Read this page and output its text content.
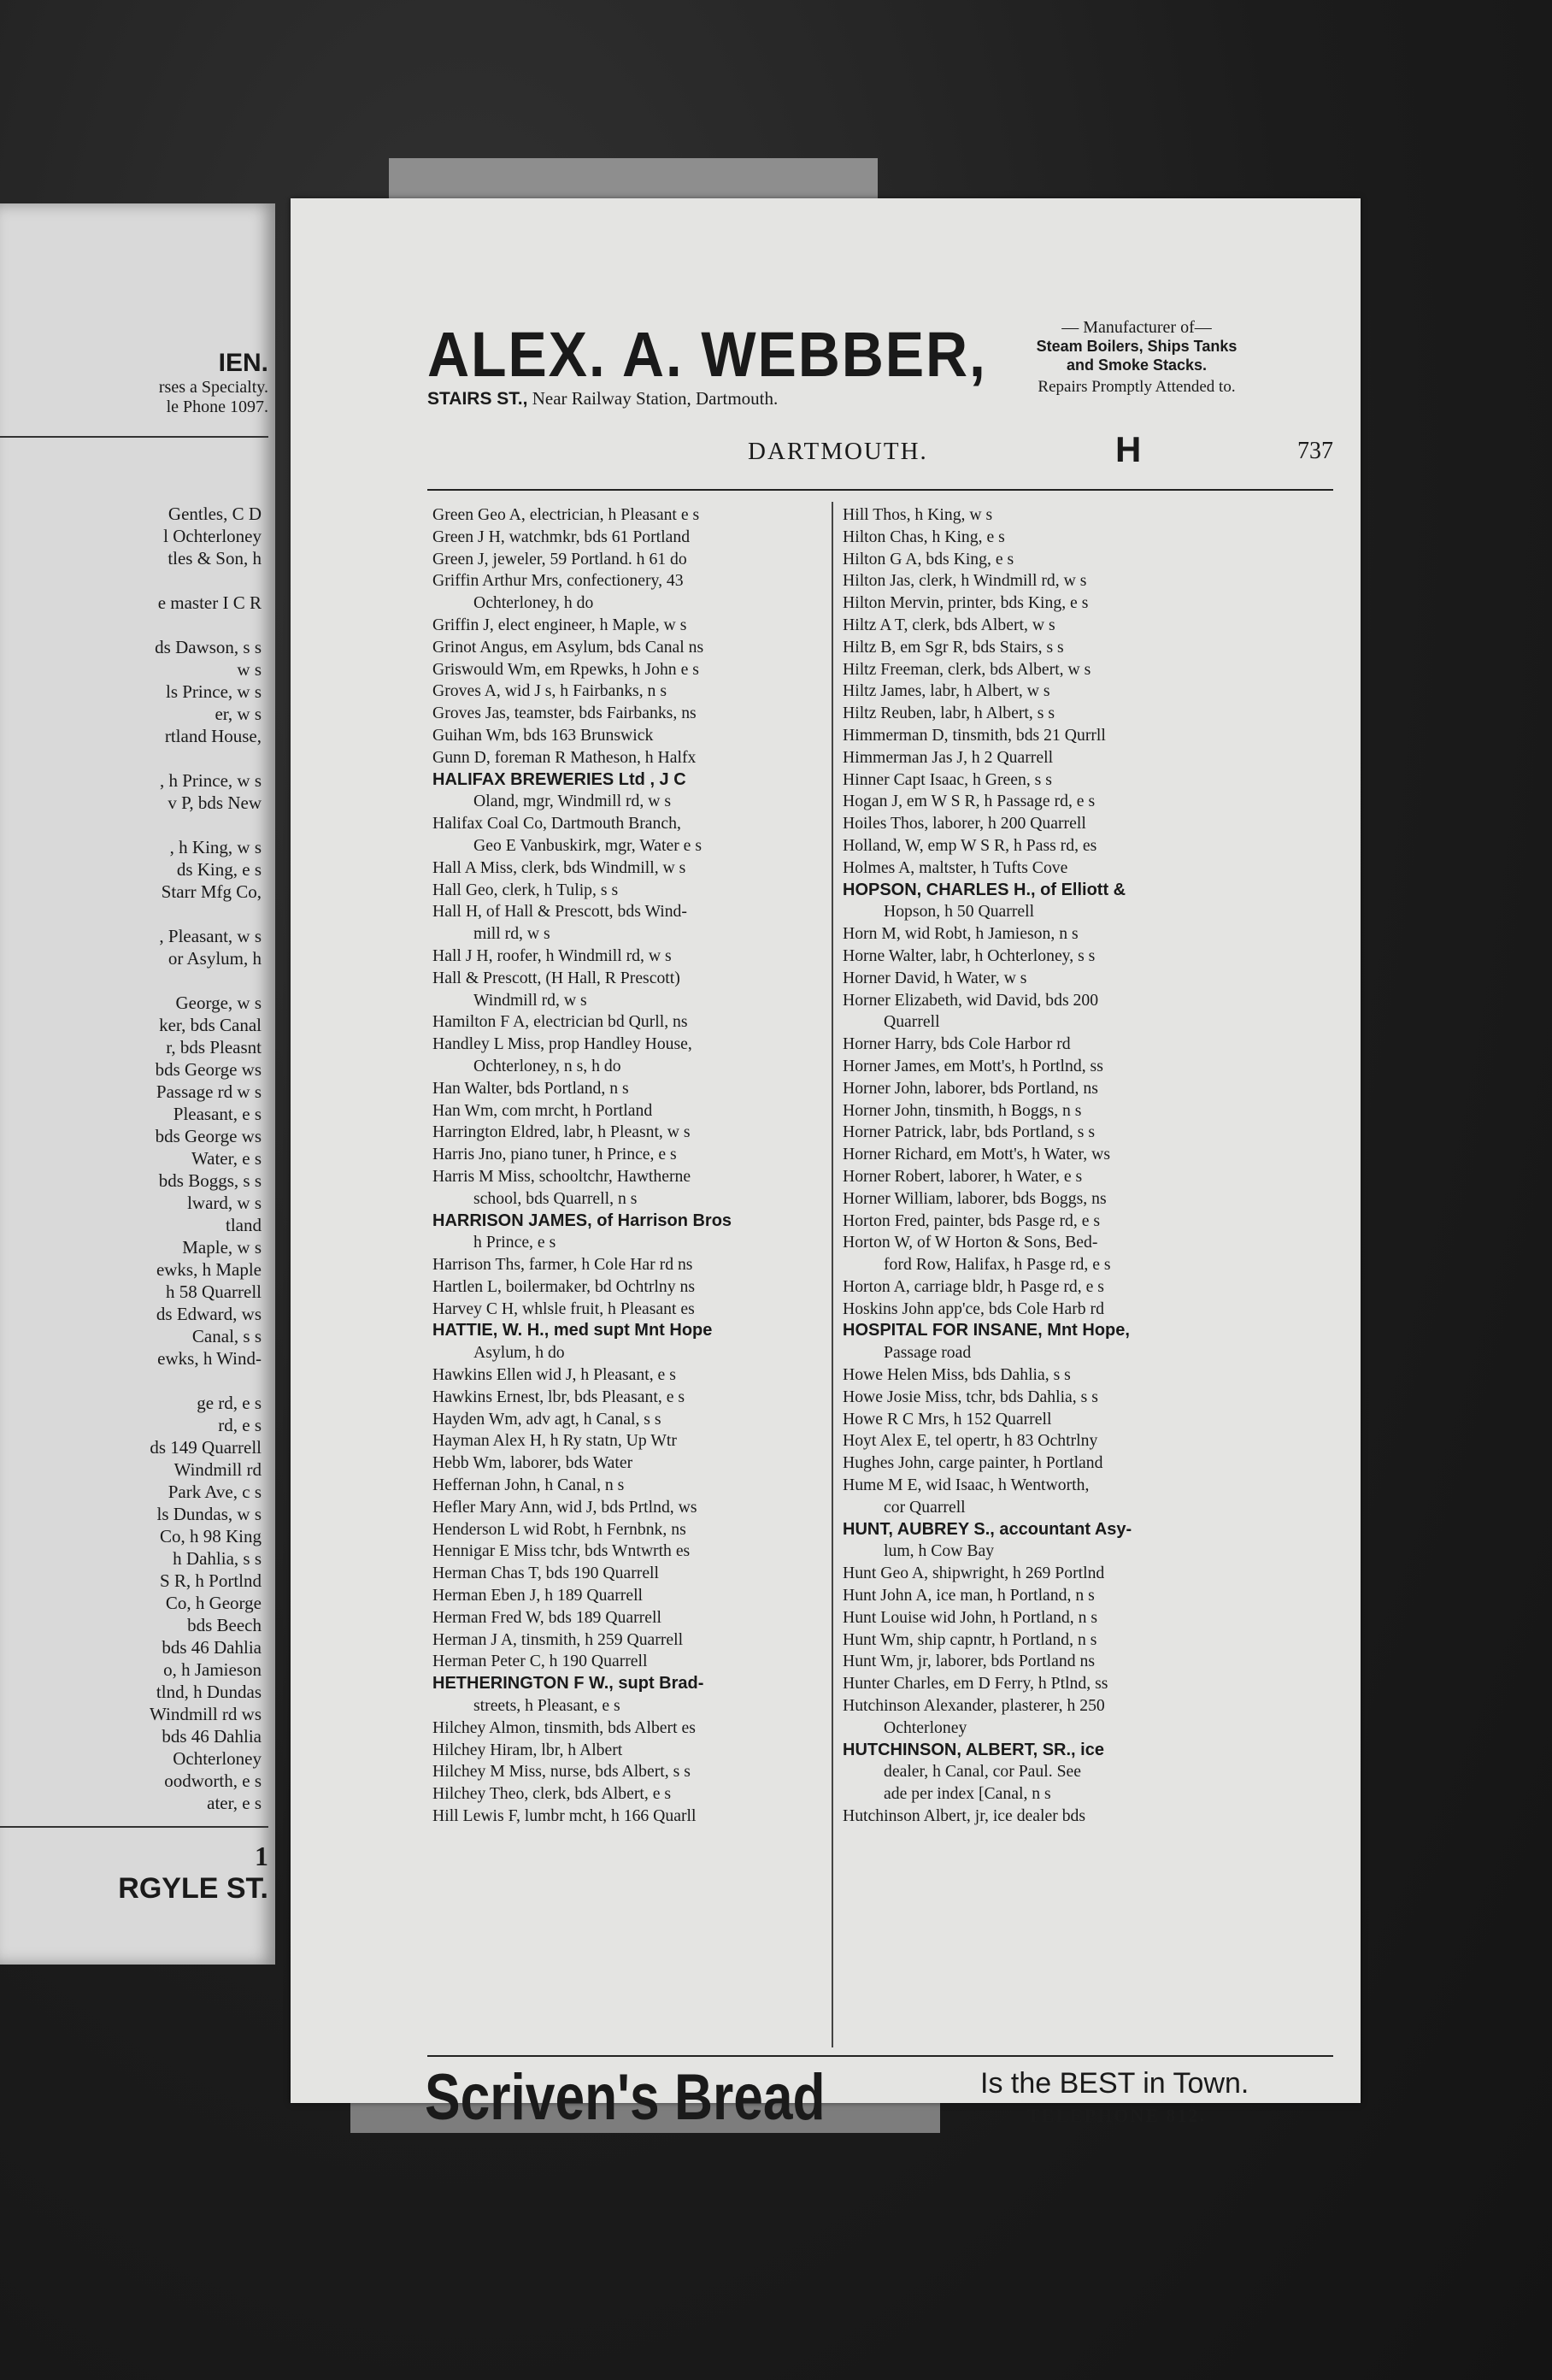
IEN.
rses a Specialty.
le Phone 1097.
Gentles, C D
l Ochterloney
tles & Son, h
e master I C R
ds Dawson, s s
w s
ls Prince, w s
er, w s
rtland House,
, h Prince, w s
v P, bds New
, h King, w s
ds King, e s
Starr Mfg Co,
, Pleasant, w s
or Asylum, h
George, w s
ker, bds Canal
r, bds Pleasnt
bds George ws
Passage rd w s
Pleasant, e s
bds George ws
Water, e s
bds Boggs, s s
lward, w s
tland
Maple, w s
ewks, h Maple
h 58 Quarrell
ds Edward, ws
Canal, s s
ewks, h Wind-
ge rd, e s
rd, e s
ds 149 Quarrell
Windmill rd
Park Ave, c s
ls Dundas, w s
Co, h 98 King
h Dahlia, s s
S R, h Portlnd
Co, h George
bds Beech
bds 46 Dahlia
o, h Jamieson
tlnd, h Dundas
Windmill rd ws
bds 46 Dahlia
Ochterloney
oodworth, e s
ater, e s
1
RGYLE ST.
ALEX. A. WEBBER,
STAIRS ST., Near Railway Station, Dartmouth.
— Manufacturer of—
Steam Boilers, Ships Tanks
and Smoke Stacks.
Repairs Promptly Attended to.
DARTMOUTH.	H	737
Green Geo A, electrician, h Pleasant e s
Green J H, watchmkr, bds 61 Portland
Green J, jeweler, 59 Portland. h 61 do
Griffin Arthur Mrs, confectionery, 43
Ochterloney, h do
Griffin J, elect engineer, h Maple, w s
Grinot Angus, em Asylum, bds Canal ns
Griswould Wm, em Rpewks, h John e s
Groves A, wid J s, h Fairbanks, n s
Groves Jas, teamster, bds Fairbanks, ns
Guihan Wm, bds 163 Brunswick
Gunn D, foreman R Matheson, h Halfx
HALIFAX BREWERIES Ltd , J C
Oland, mgr, Windmill rd, w s
Halifax Coal Co, Dartmouth Branch,
Geo E Vanbuskirk, mgr, Water e s
Hall A Miss, clerk, bds Windmill, w s
Hall Geo, clerk, h Tulip, s s
Hall H, of Hall & Prescott, bds Wind-
mill rd, w s
Hall J H, roofer, h Windmill rd, w s
Hall & Prescott, (H Hall, R Prescott)
Windmill rd, w s
Hamilton F A, electrician bd Qurll, ns
Handley L Miss, prop Handley House,
Ochterloney, n s, h do
Han Walter, bds Portland, n s
Han Wm, com mrcht, h Portland
Harrington Eldred, labr, h Pleasnt, w s
Harris Jno, piano tuner, h Prince, e s
Harris M Miss, schooltchr, Hawtherne
school, bds Quarrell, n s
HARRISON JAMES, of Harrison Bros
h Prince, e s
Harrison Ths, farmer, h Cole Har rd ns
Hartlen L, boilermaker, bd Ochtrlny ns
Harvey C H, whlsle fruit, h Pleasant es
HATTIE, W. H., med supt Mnt Hope
Asylum, h do
Hawkins Ellen wid J, h Pleasant, e s
Hawkins Ernest, lbr, bds Pleasant, e s
Hayden Wm, adv agt, h Canal, s s
Hayman Alex H, h Ry statn, Up Wtr
Hebb Wm, laborer, bds Water
Heffernan John, h Canal, n s
Hefler Mary Ann, wid J, bds Prtlnd, ws
Henderson L wid Robt, h Fernbnk, ns
Hennigar E Miss tchr, bds Wntwrth es
Herman Chas T, bds 190 Quarrell
Herman Eben J, h 189 Quarrell
Herman Fred W, bds 189 Quarrell
Herman J A, tinsmith, h 259 Quarrell
Herman Peter C, h 190 Quarrell
HETHERINGTON F W., supt Brad-
streets, h Pleasant, e s
Hilchey Almon, tinsmith, bds Albert es
Hilchey Hiram, lbr, h Albert
Hilchey M Miss, nurse, bds Albert, s s
Hilchey Theo, clerk, bds Albert, e s
Hill Lewis F, lumbr mcht, h 166 Quarll
Hill Thos, h King, w s
Hilton Chas, h King, e s
Hilton G A, bds King, e s
Hilton Jas, clerk, h Windmill rd, w s
Hilton Mervin, printer, bds King, e s
Hiltz A T, clerk, bds Albert, w s
Hiltz B, em Sgr R, bds Stairs, s s
Hiltz Freeman, clerk, bds Albert, w s
Hiltz James, labr, h Albert, w s
Hiltz Reuben, labr, h Albert, s s
Himmerman D, tinsmith, bds 21 Qurrll
Himmerman Jas J, h 2 Quarrell
Hinner Capt Isaac, h Green, s s
Hogan J, em W S R, h Passage rd, e s
Hoiles Thos, laborer, h 200 Quarrell
Holland, W, emp W S R, h Pass rd, es
Holmes A, maltster, h Tufts Cove
HOPSON, CHARLES H., of Elliott &
Hopson, h 50 Quarrell
Horn M, wid Robt, h Jamieson, n s
Horne Walter, labr, h Ochterloney, s s
Horner David, h Water, w s
Horner Elizabeth, wid David, bds 200
Quarrell
Horner Harry, bds Cole Harbor rd
Horner James, em Mott's, h Portlnd, ss
Horner John, laborer, bds Portland, ns
Horner John, tinsmith, h Boggs, n s
Horner Patrick, labr, bds Portland, s s
Horner Richard, em Mott's, h Water, ws
Horner Robert, laborer, h Water, e s
Horner William, laborer, bds Boggs, ns
Horton Fred, painter, bds Pasge rd, e s
Horton W, of W Horton & Sons, Bed-
ford Row, Halifax, h Pasge rd, e s
Horton A, carriage bldr, h Pasge rd, e s
Hoskins John app'ce, bds Cole Harb rd
HOSPITAL FOR INSANE, Mnt Hope,
Passage road
Howe Helen Miss, bds Dahlia, s s
Howe Josie Miss, tchr, bds Dahlia, s s
Howe R C Mrs, h 152 Quarrell
Hoyt Alex E, tel opertr, h 83 Ochtrlny
Hughes John, carge painter, h Portland
Hume M E, wid Isaac, h Wentworth,
cor Quarrell
HUNT, AUBREY S., accountant Asy-
lum, h Cow Bay
Hunt Geo A, shipwright, h 269 Portlnd
Hunt John A, ice man, h Portland, n s
Hunt Louise wid John, h Portland, n s
Hunt Wm, ship capntr, h Portland, n s
Hunt Wm, jr, laborer, bds Portland ns
Hunter Charles, em D Ferry, h Ptlnd, ss
Hutchinson Alexander, plasterer, h 250
Ochterloney
HUTCHINSON, ALBERT, SR., ice
dealer, h Canal, cor Paul. See
ade per index [Canal, n s
Hutchinson Albert, jr, ice dealer bds
Scriven's Bread	Is the BEST in Town.
TELEPHONE 812.
